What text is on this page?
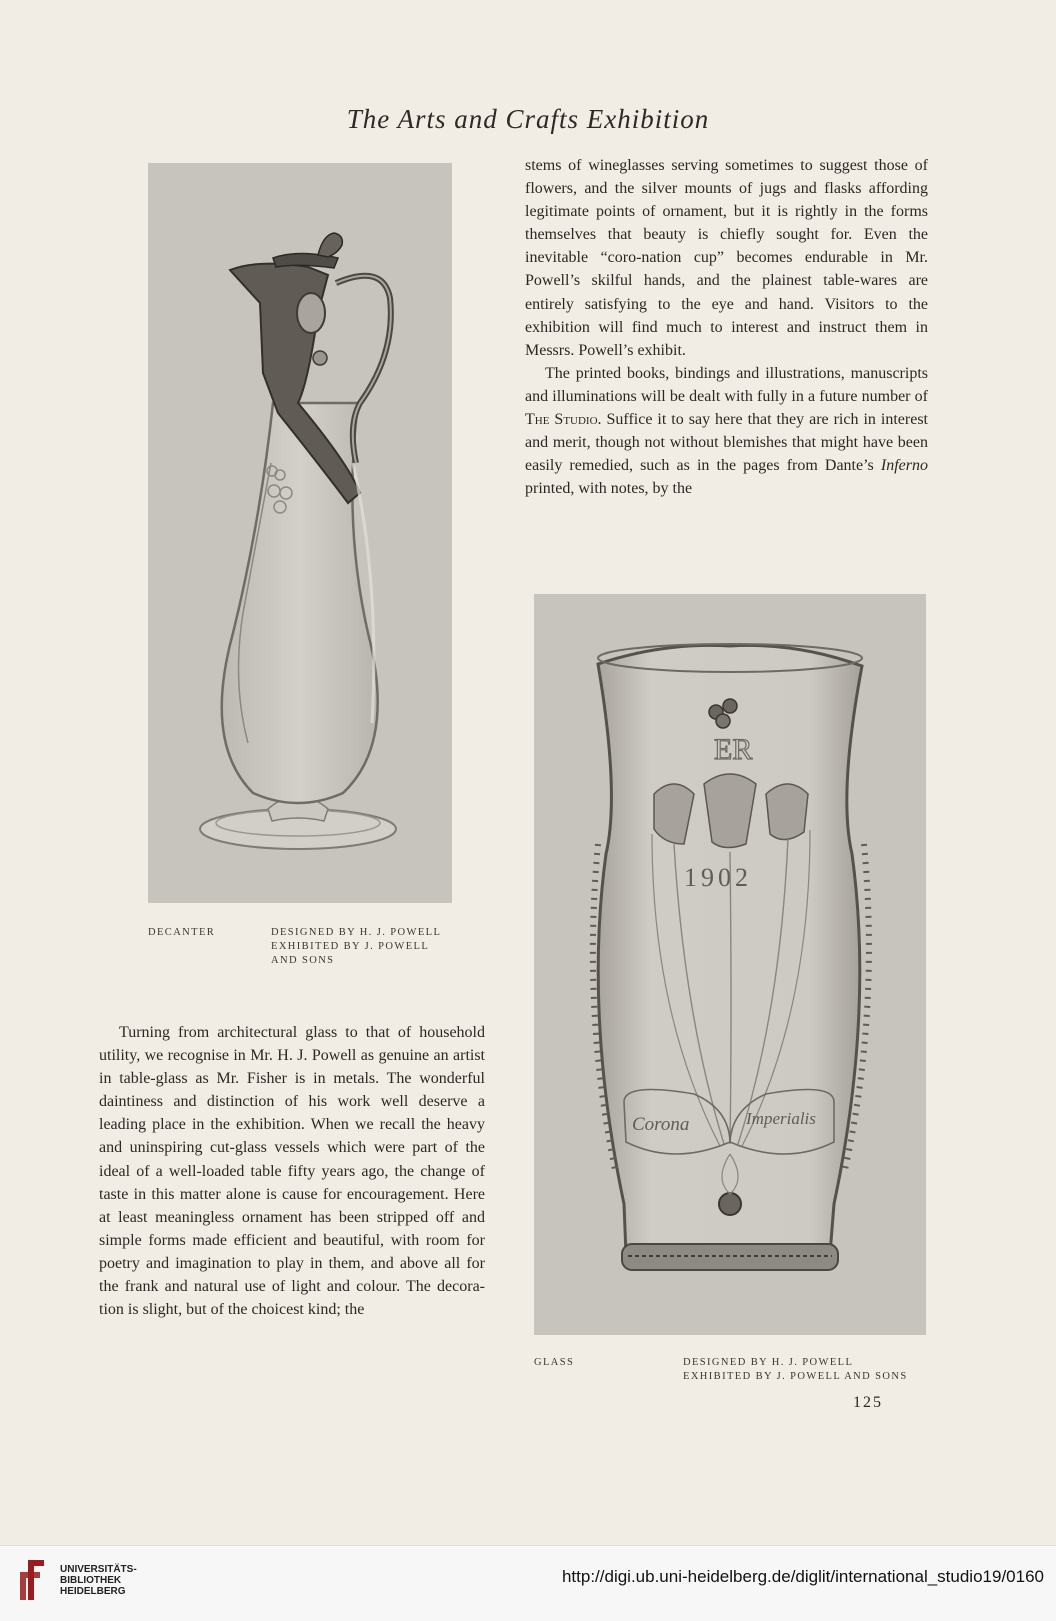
The Arts and Crafts Exhibition
DECANTER	DESIGNED BY H. J. POWELL
EXHIBITED BY J. POWELL
AND SONS

stems of wineglasses serving sometimes to suggest those of flowers, and the silver mounts of jugs and flasks affording legitimate points of ornament, but it is rightly in the forms themselves that beauty is chiefly sought for. Even the inevitable “coro-nation cup” becomes endurable in Mr. Powell’s skilful hands, and the plainest table-wares are entirely satisfying to the eye and hand. Visitors to the exhibition will find much to interest and instruct them in Messrs. Powell’s exhibit.

The printed books, bindings and illustrations, manuscripts and illuminations will be dealt with fully in a future number of The Studio. Suffice it to say here that they are rich in interest and merit, though not without blemishes that might have been easily remedied, such as in the pages from Dante’s Inferno printed, with notes, by the

ER
1902
Corona	Imperialis
GLASS	DESIGNED BY H. J. POWELL
EXHIBITED BY J. POWELL AND SONS

Turning from architectural glass to that of household utility, we recognise in Mr. H. J. Powell as genuine an artist in table-glass as Mr. Fisher is in metals. The wonderful daintiness and distinction of his work well deserve a leading place in the exhibition. When we recall the heavy and uninspiring cut-glass vessels which were part of the ideal of a well-loaded table fifty years ago, the change of taste in this matter alone is cause for encouragement. Here at least meaningless ornament has been stripped off and simple forms made efficient and beautiful, with room for poetry and imagination to play in them, and above all for the frank and natural use of light and colour. The decora-tion is slight, but of the choicest kind; the

125
UNIVERSITÄTS-
BIBLIOTHEK
HEIDELBERG
http://digi.ub.uni-heidelberg.de/diglit/international_studio19/0160
